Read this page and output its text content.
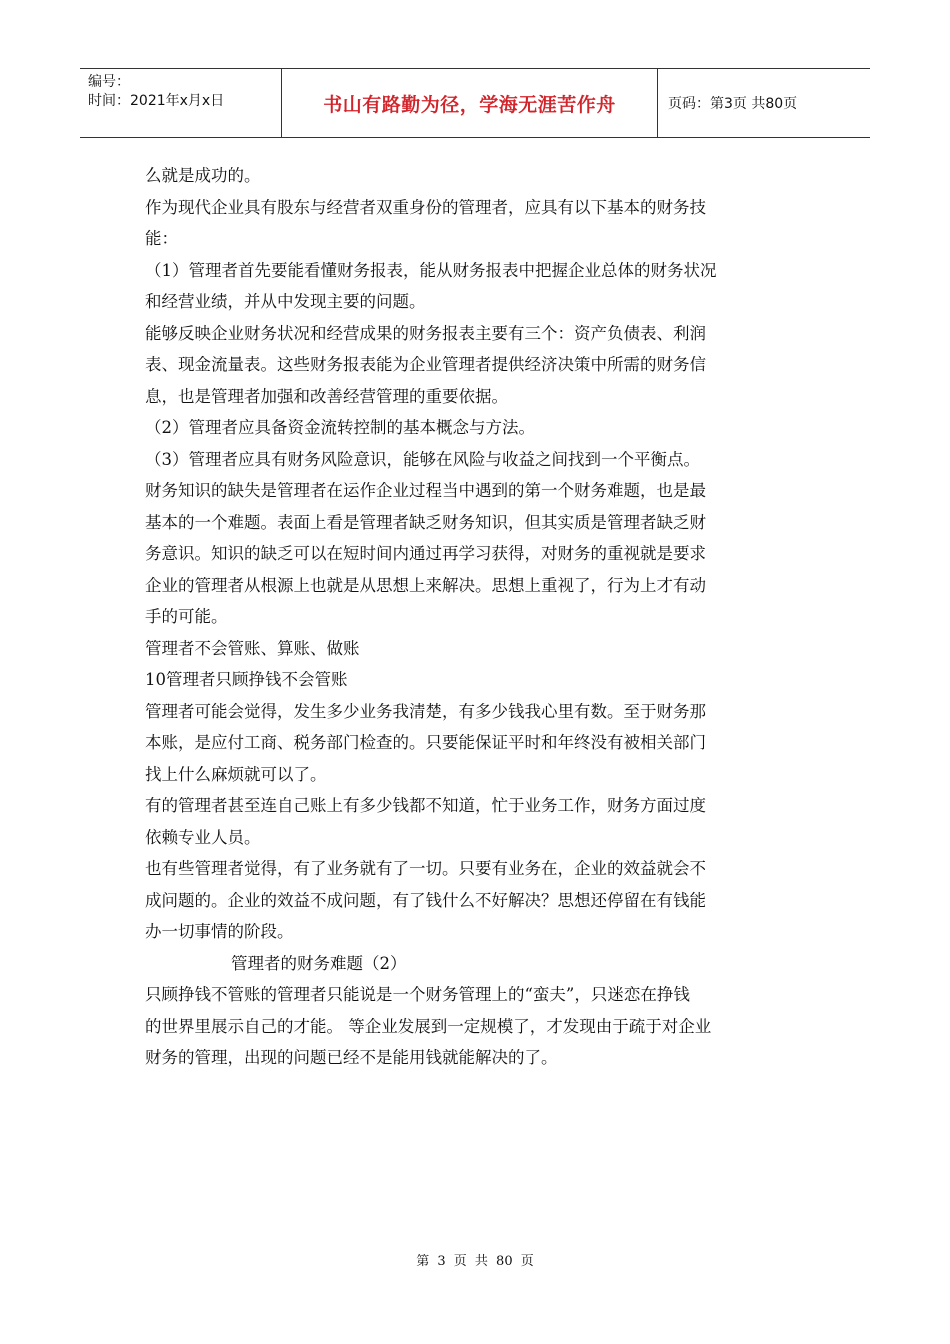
编号：
时间：2021年x月x日	书山有路勤为径，学海无涯苦作舟	页码：第3页 共80页
么就是成功的。
作为现代企业具有股东与经营者双重身份的管理者，应具有以下基本的财务技
能：
（1）管理者首先要能看懂财务报表，能从财务报表中把握企业总体的财务状况
和经营业绩，并从中发现主要的问题。
能够反映企业财务状况和经营成果的财务报表主要有三个：资产负债表、利润
表、现金流量表。这些财务报表能为企业管理者提供经济决策中所需的财务信
息，也是管理者加强和改善经营管理的重要依据。
（2）管理者应具备资金流转控制的基本概念与方法。
（3）管理者应具有财务风险意识，能够在风险与收益之间找到一个平衡点。
财务知识的缺失是管理者在运作企业过程当中遇到的第一个财务难题，也是最
基本的一个难题。表面上看是管理者缺乏财务知识，但其实质是管理者缺乏财
务意识。知识的缺乏可以在短时间内通过再学习获得，对财务的重视就是要求
企业的管理者从根源上也就是从思想上来解决。思想上重视了，行为上才有动
手的可能。
管理者不会管账、算账、做账
10管理者只顾挣钱不会管账
管理者可能会觉得，发生多少业务我清楚，有多少钱我心里有数。至于财务那
本账，是应付工商、税务部门检查的。只要能保证平时和年终没有被相关部门
找上什么麻烦就可以了。
有的管理者甚至连自己账上有多少钱都不知道，忙于业务工作，财务方面过度
依赖专业人员。
也有些管理者觉得，有了业务就有了一切。只要有业务在，企业的效益就会不
成问题的。企业的效益不成问题，有了钱什么不好解决？思想还停留在有钱能
办一切事情的阶段。
管理者的财务难题（2）
只顾挣钱不管账的管理者只能说是一个财务管理上的“蛮夫”，只迷恋在挣钱
的世界里展示自己的才能。 等企业发展到一定规模了，才发现由于疏于对企业
财务的管理，出现的问题已经不是能用钱就能解决的了。
第 3 页 共 80 页
